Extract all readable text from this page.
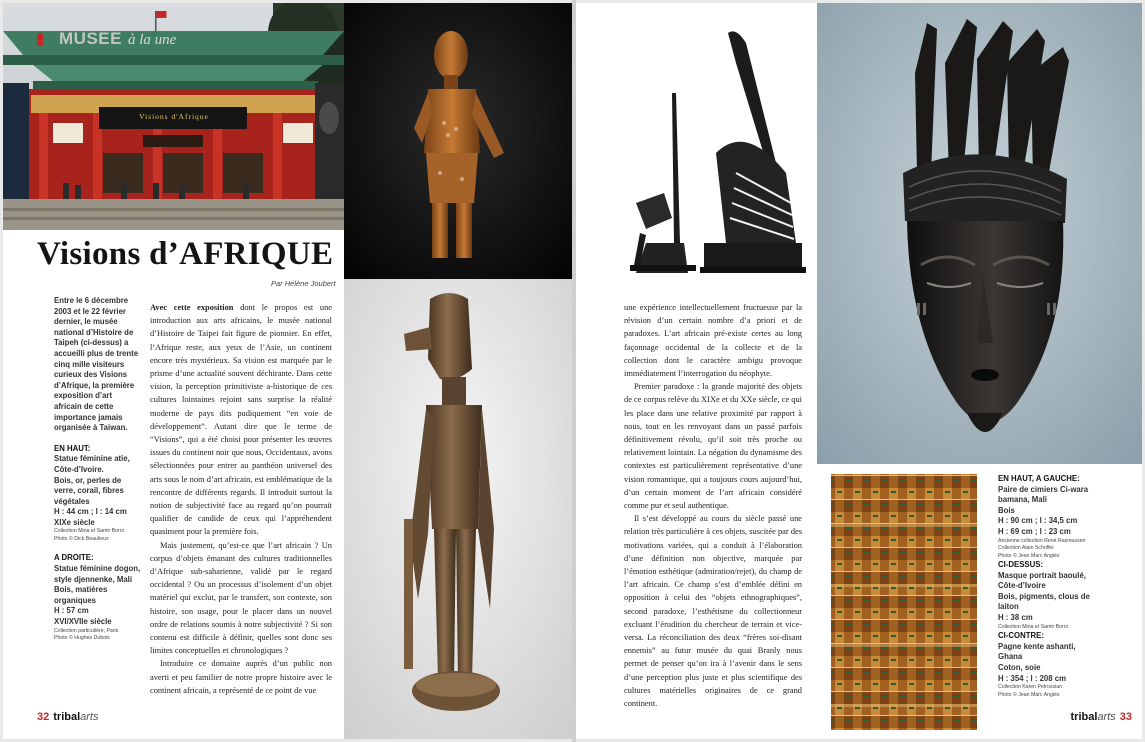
Visions d'Afrique
MUSEE à la une
Visions d’AFRIQUE
Par Hélène Joubert
Entre le 6 décembre
2003 et le 22 février
dernier, le musée
national d’Histoire de
Taipeh (ci-dessus) a
accueilli plus de trente
cinq mille visiteurs
curieux des Visions
d’Afrique, la première
exposition d’art
africain de cette
importance jamais
organisée à Taiwan.
EN HAUT:
Statue féminine atie,
Côte-d’Ivoire.
Bois, or, perles de
verre, corail, fibres
végétales
H : 44 cm ; l : 14 cm
XIXe siècle
Collection Mina et Samir Borro
Photo © Dick Beaulieux
A DROITE:
Statue féminine dogon,
style djennenke, Mali
Bois, matières
organiques
H : 57 cm
XVI/XVIIe siècle
Collection particulière, Paris
Photo © Hughes Dubois

Avec cette exposition dont le propos est une introduction aux arts africains, le musée national d’Histoire de Taipei fait figure de pionnier. En effet, l’Afrique reste, aux yeux de l’Asie, un continent encore très mystérieux. Sa vision est marquée par le prisme d’une actualité souvent déchirante. Dans cette vision, la perception primitiviste a-historique de ces cultures lointaines rejoint sans surprise la réalité moderne de pays dits pudiquement “en voie de développement”. Autant dire que le terme de “Visions”, qui a été choisi pour présenter les œuvres issues du continent noir que nous, Occidentaux, avons sélectionnées pour entrer au panthéon universel des arts sous le nom d’art africain, est emblématique de la rencontre de différents regards. Il introduit surtout la notion de subjectivité face au regard qu’on pourrait qualifier de candide de ceux qui l’appréhendent quasiment pour la première fois.

Mais justement, qu’est-ce que l’art africain ? Un corpus d’objets émanant des cultures traditionnelles d’Afrique sub-saharienne, validé par le regard occidental ? Ou un processus d’isolement d’un objet matériel qui exclut, par le transfert, son contexte, son histoire, son usage, pour le placer dans un nouvel ordre de relations soumis à notre subjectivité ? Si son contenu est difficile à définir, quelles sont donc ses limites conceptuelles et chronologiques ?

Introduire ce domaine auprès d’un public non averti et peu familier de notre propre histoire avec le continent africain, a représenté de ce point de vue

32 tribal arts

une expérience intellectuellement fructueuse par la révision d’un certain nombre d’a priori et de paradoxes. L’art africain pré-existe certes au long façonnage occidental de la collecte et de la collection dont le caractère ambigu provoque immédiatement l’interrogation du néophyte.

Premier paradoxe : la grande majorité des objets de ce corpus relève du XIXe et du XXe siècle, ce qui les place dans une relative proximité par rapport à nous, tout en les renvoyant dans un passé parfois définitivement révolu, qu’il soit très proche ou relativement lointain. La négation du dynamisme des contextes est particulièrement représentative d’une vision romantique, qui a toujours cours aujourd’hui, d’un certain moment de l’art africain considéré comme pur et seul authentique.

Il s’est développé au cours du siècle passé une relation très particulière à ces objets, suscitée par des motivations variées, qui a conduit à l’élaboration d’une définition non objective, marquée par l’émotion esthétique (admiration/rejet), du champ de l’art africain. Ce champ s’est d’emblée défini en opposition à celui des “objets ethnographiques”, second paradoxe, l’esthétisme du collectionneur excluant l’érudition du chercheur de terrain et vice-versa. La réconciliation des deux “frères soi-disant ennemis” au futur musée du quai Branly nous permet de penser qu’on ira à l’avenir dans le sens d’une perception plus juste et plus scientifique des cultures matérielles originaires de ce grand continent.

EN HAUT, A GAUCHE:
Paire de cimiers Ci-wara
bamana, Mali
Bois
H : 90 cm ; l : 34,5 cm
H : 69 cm ; l : 23 cm
Ancienne collection René Rasmussen
Collection Alain Schoffel
Photo © Jean Marc Anglès
CI-DESSUS:
Masque portrait baoulé,
Côte-d’Ivoire
Bois, pigments, clous de
laiton
H : 38 cm
Collection Mina et Samir Borro
CI-CONTRE:
Pagne kente ashanti,
Ghana
Coton, soie
H : 354 ; l : 208 cm
Collection Karen Petrossian
Photo © Jean Marc Anglès
tribal arts 33
